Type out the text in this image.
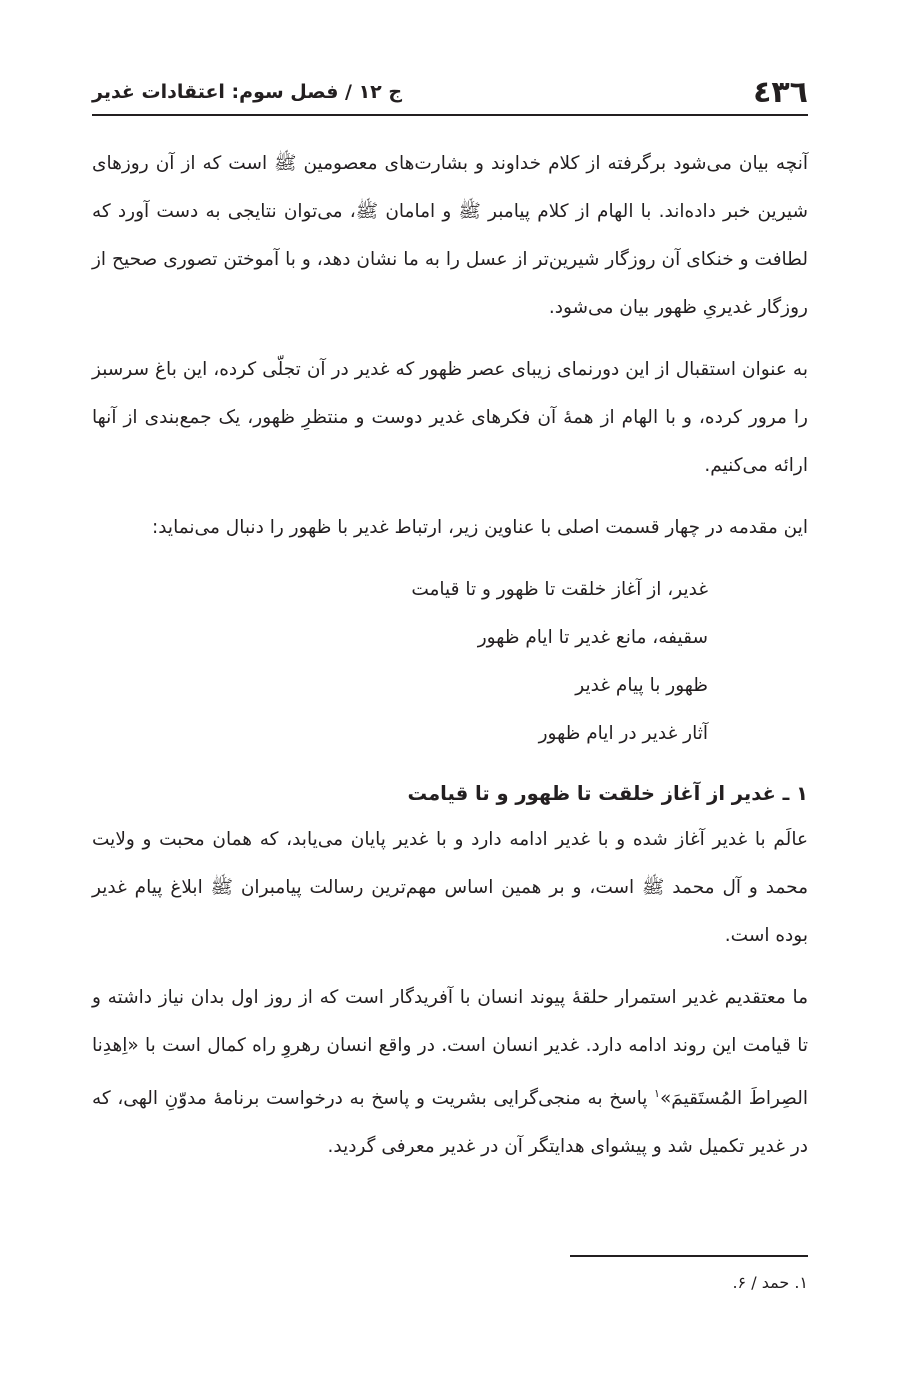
٤٣٦
ج ۱۲ / فصل سوم: اعتقادات غدیر

آنچه بیان می‌شود برگرفته از کلام خداوند و بشارت‌های معصومین ﷺ است که از آن روزهای شیرین خبر داده‌اند. با الهام از کلام پیامبر ﷺ و امامان ﷺ، می‌توان نتایجی به دست آورد که لطافت و خنکای آن روزگار شیرین‌تر از عسل را به ما نشان دهد، و با آموختن تصوری صحیح از روزگار غدیریِ ظهور بیان می‌شود.

به عنوان استقبال از این دورنمای زیبای عصر ظهور که غدیر در آن تجلّی کرده، این باغ سرسبز را مرور کرده، و با الهام از همهٔ آن فکرهای غدیر دوست و منتظرِ ظهور، یک جمع‌بندی از آنها ارائه می‌کنیم.

این مقدمه در چهار قسمت اصلی با عناوین زیر، ارتباط غدیر با ظهور را دنبال می‌نماید:

غدیر، از آغاز خلقت تا ظهور و تا قیامت
سقیفه، مانع غدیر تا ایام ظهور
ظهور با پیام غدیر
آثار غدیر در ایام ظهور
۱ ـ غدیر از آغاز خلقت تا ظهور و تا قیامت

عالَم با غدیر آغاز شده و با غدیر ادامه دارد و با غدیر پایان می‌یابد، که همان محبت و ولایت محمد و آل محمد ﷺ است، و بر همین اساس مهم‌ترین رسالت پیامبران ﷺ ابلاغ پیام غدیر بوده است.

ما معتقدیم غدیر استمرار حلقهٔ پیوند انسان با آفریدگار است که از روز اول بدان نیاز داشته و تا قیامت این روند ادامه دارد. غدیر انسان است. در واقع انسان رهروِ راه کمال است با «اِهدِنا الصِراطَ المُستَقیمَ»$^۱$ پاسخ به منجی‌گرایی بشریت و پاسخ به درخواست برنامهٔ مدوّنِ الهی، که در غدیر تکمیل شد و پیشوای هدایتگر آن در غدیر معرفی گردید.

۱. حمد / ۶.
